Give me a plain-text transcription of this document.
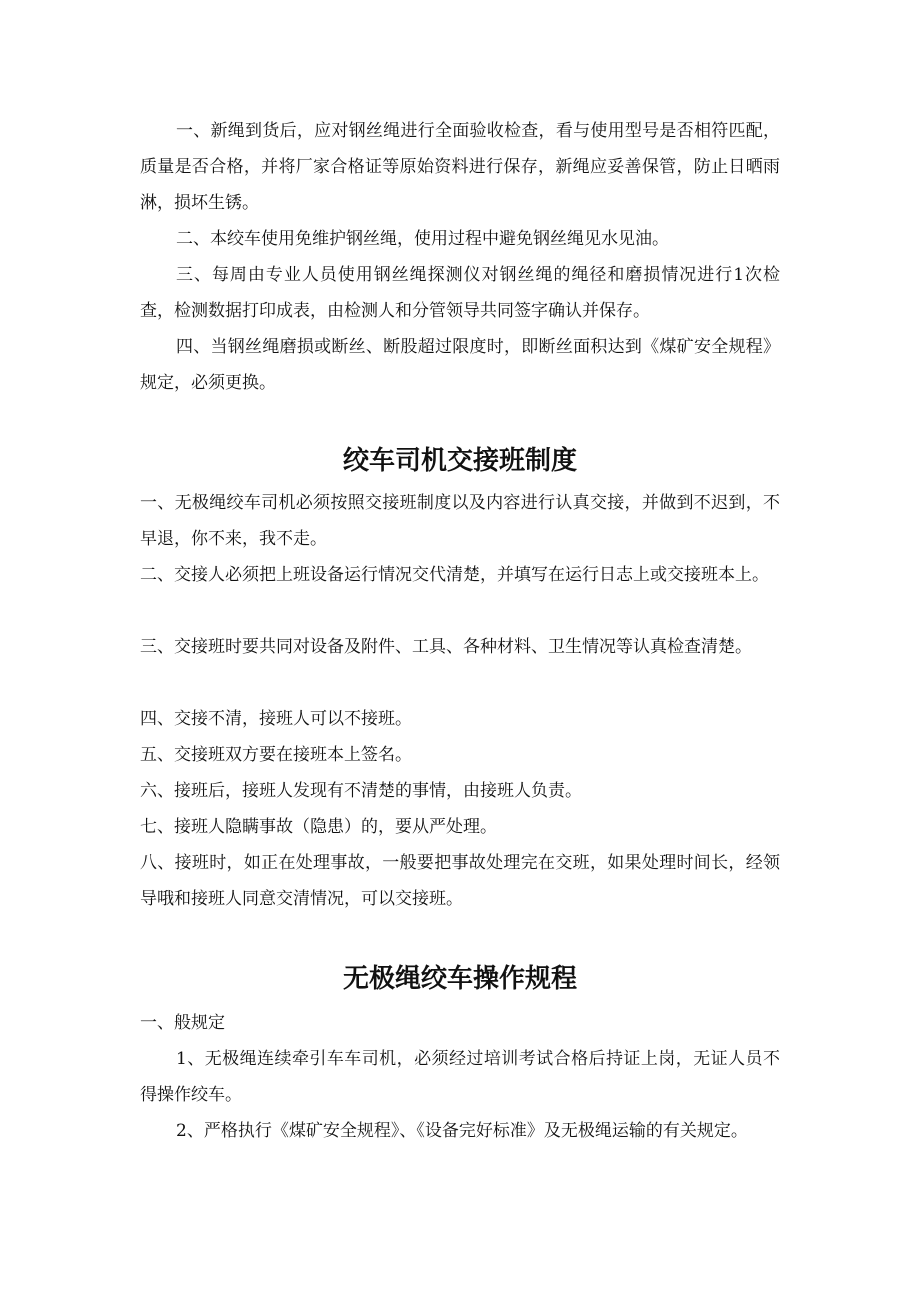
一、新绳到货后，应对钢丝绳进行全面验收检查，看与使用型号是否相符匹配，质量是否合格，并将厂家合格证等原始资料进行保存，新绳应妥善保管，防止日晒雨淋，损坏生锈。

二、本绞车使用免维护钢丝绳，使用过程中避免钢丝绳见水见油。

三、每周由专业人员使用钢丝绳探测仪对钢丝绳的绳径和磨损情况进行1次检查，检测数据打印成表，由检测人和分管领导共同签字确认并保存。

四、当钢丝绳磨损或断丝、断股超过限度时，即断丝面积达到《煤矿安全规程》规定，必须更换。

绞车司机交接班制度

一、无极绳绞车司机必须按照交接班制度以及内容进行认真交接，并做到不迟到，不早退，你不来，我不走。

二、交接人必须把上班设备运行情况交代清楚，并填写在运行日志上或交接班本上。

三、交接班时要共同对设备及附件、工具、各种材料、卫生情况等认真检查清楚。

四、交接不清，接班人可以不接班。

五、交接班双方要在接班本上签名。

六、接班后，接班人发现有不清楚的事情，由接班人负责。

七、接班人隐瞒事故（隐患）的，要从严处理。

八、接班时，如正在处理事故，一般要把事故处理完在交班，如果处理时间长，经领导哦和接班人同意交清情况，可以交接班。

无极绳绞车操作规程

一、般规定

1、无极绳连续牵引车车司机，必须经过培训考试合格后持证上岗，无证人员不得操作绞车。

2、严格执行《煤矿安全规程》、《设备完好标准》及无极绳运输的有关规定。
